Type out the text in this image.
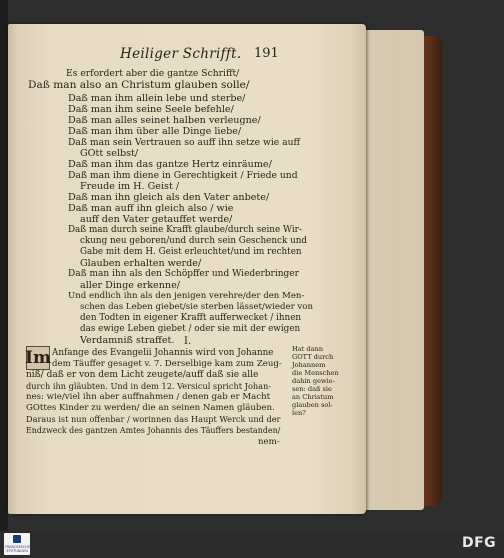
Heiliger Schrifft. 191
Es erfordert aber die gantze Schrifft/
Daß man also an Christum glauben solle/
Daß man ihm allein lebe und sterbe/
Daß man ihm seine Seele befehle/
Daß man alles seinet halben verleugne/
Daß man ihm über alle Dinge liebe/
Daß man sein Vertrauen so auff ihn setze wie auff
GOtt selbst/
Daß man ihm das gantze Hertz einräume/
Daß man ihm diene in Gerechtigkeit / Friede und
Freude im H. Geist /
Daß man ihn gleich als den Vater anbete/
Daß man auff ihn gleich also / wie
auff den Vater getauffet werde/
Daß man durch seine Krafft glaube/durch seine Wir-
ckung neu geboren/und durch sein Geschenck und
Gabe mit dem H. Geist erleuchtet/und im rechten
Glauben erhalten werde/
Daß man ihn als den Schöpffer und Wiederbringer
aller Dinge erkenne/
Und endlich ihn als den jenigen verehre/der den Men-
schen das Leben giebet/sie sterben lässet/wieder von
den Todten in eigener Krafft aufferwecket / ihnen
das ewige Leben giebet / oder sie mit der ewigen
Verdamniß straffet. I.
Im Anfange des Evangelii Johannis wird von Johanne
dem Täuffer gesaget v. 7. Derselbige kam zum Zeug-
niß/ daß er von dem Licht zeugete/auff daß sie alle
durch ihn gläubten. Und in dem 12. Versicul spricht Johan-
nes: wie/viel ihn aber auffnahmen / denen gab er Macht
GOttes Kinder zu werden/ die an seinen Namen gläuben.
Daraus ist nun offenbar / worinnen das Haupt Werck und der
Endzweck des gantzen Amtes Johannis des Täuffers bestanden/
nem-
Hat dann
GOTT durch
Johannem
die Menschen
dahin gewie-
sen: daß sie
an Christum
glauben sol-
len?
FRANCKESCHE STIFTUNGEN	DFG
